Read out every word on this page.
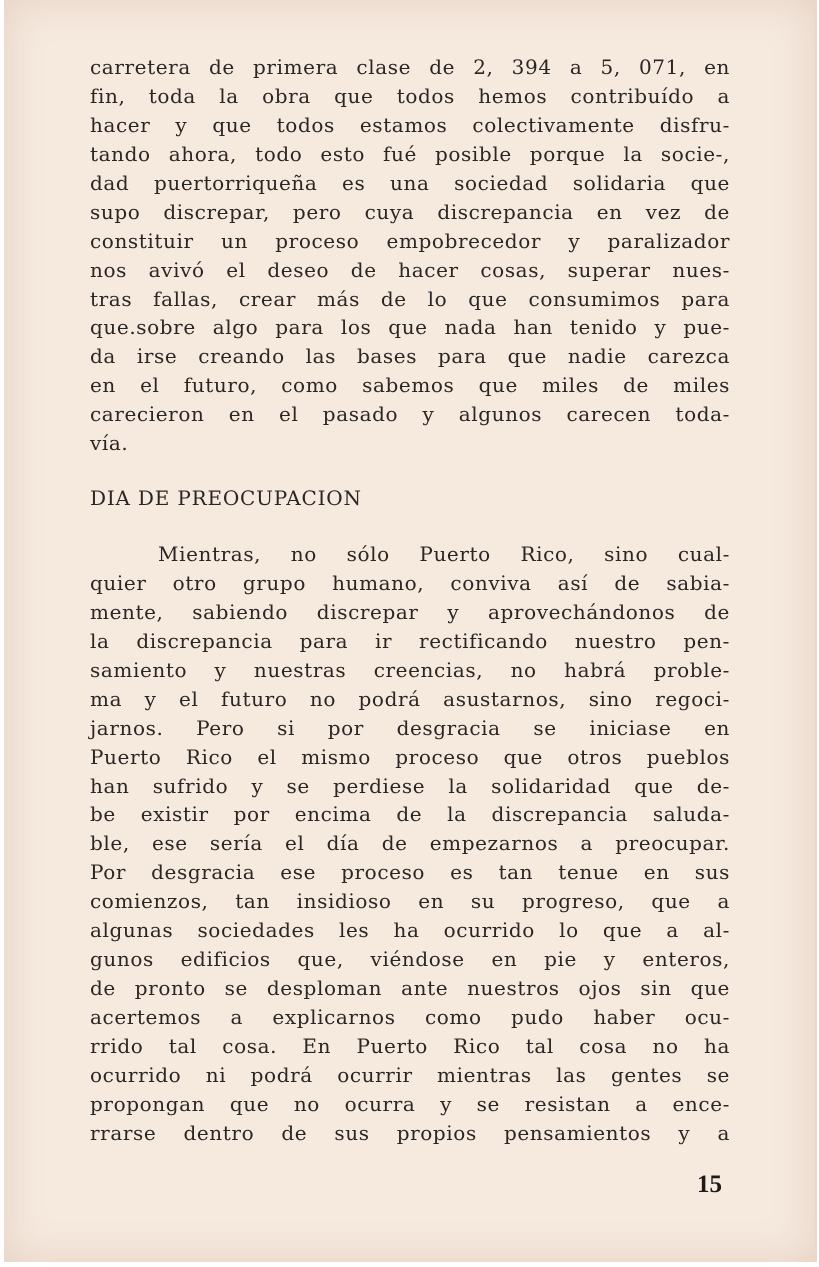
carretera de primera clase de 2, 394 a 5, 071, en
fin, toda la obra que todos hemos contribuído a
hacer y que todos estamos colectivamente disfru-
tando ahora, todo esto fué posible porque la socie-,
dad puertorriqueña es una sociedad solidaria que
supo discrepar, pero cuya discrepancia en vez de
constituir un proceso empobrecedor y paralizador
nos avivó el deseo de hacer cosas, superar nues-
tras fallas, crear más de lo que consumimos para
que.sobre algo para los que nada han tenido y pue-
da irse creando las bases para que nadie carezca
en el futuro, como sabemos que miles de miles
carecieron en el pasado y algunos carecen toda-
vía.
DIA DE PREOCUPACION
Mientras, no sólo Puerto Rico, sino cual-
quier otro grupo humano, conviva así de sabia-
mente, sabiendo discrepar y aprovechándonos de
la discrepancia para ir rectificando nuestro pen-
samiento y nuestras creencias, no habrá proble-
ma y el futuro no podrá asustarnos, sino regoci-
jarnos. Pero si por desgracia se iniciase en
Puerto Rico el mismo proceso que otros pueblos
han sufrido y se perdiese la solidaridad que de-
be existir por encima de la discrepancia saluda-
ble, ese sería el día de empezarnos a preocupar.
Por desgracia ese proceso es tan tenue en sus
comienzos, tan insidioso en su progreso, que a
algunas sociedades les ha ocurrido lo que a al-
gunos edificios que, viéndose en pie y enteros,
de pronto se desploman ante nuestros ojos sin que
acertemos a explicarnos como pudo haber ocu-
rrido tal cosa. En Puerto Rico tal cosa no ha
ocurrido ni podrá ocurrir mientras las gentes se
propongan que no ocurra y se resistan a ence-
rrarse dentro de sus propios pensamientos y a
15
